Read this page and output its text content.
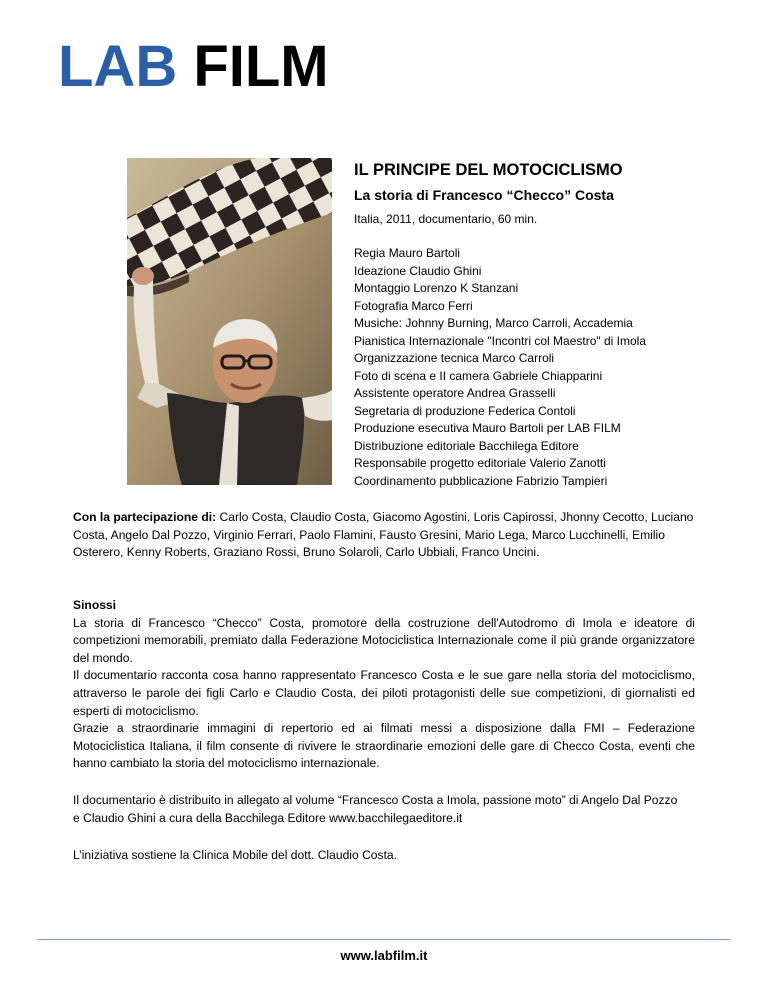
LAB FILM
IL PRINCIPE DEL MOTOCICLISMO
La storia di Francesco “Checco” Costa
Italia, 2011, documentario, 60 min.
Regia Mauro Bartoli
Ideazione Claudio Ghini
Montaggio Lorenzo K Stanzani
Fotografia Marco Ferri
Musiche: Johnny Burning, Marco Carroli, Accademia
Pianistica Internazionale "Incontri col Maestro" di Imola
Organizzazione tecnica Marco Carroli
Foto di scena e II camera Gabriele Chiapparini
Assistente operatore Andrea Grasselli
Segretaria di produzione Federica Contoli
Produzione esecutiva Mauro Bartoli per LAB FILM
Distribuzione editoriale Bacchilega Editore
Responsabile progetto editoriale Valerio Zanotti
Coordinamento pubblicazione Fabrizio Tampieri

Con la partecipazione di: Carlo Costa, Claudio Costa, Giacomo Agostini, Loris Capirossi, Jhonny Cecotto, Luciano Costa, Angelo Dal Pozzo, Virginio Ferrari, Paolo Flamini, Fausto Gresini, Mario Lega, Marco Lucchinelli, Emilio Osterero, Kenny Roberts, Graziano Rossi, Bruno Solaroli, Carlo Ubbiali, Franco Uncini.

Sinossi

La storia di Francesco “Checco” Costa, promotore della costruzione dell'Autodromo di Imola e ideatore di competizioni memorabili, premiato dalla Federazione Motociclistica Internazionale come il più grande organizzatore del mondo.

Il documentario racconta cosa hanno rappresentato Francesco Costa e le sue gare nella storia del motociclismo, attraverso le parole dei figli Carlo e Claudio Costa, dei piloti protagonisti delle sue competizioni, di giornalisti ed esperti di motociclismo.

Grazie a straordinarie immagini di repertorio ed ai filmati messi a disposizione dalla FMI – Federazione Motociclistica Italiana, il film consente di rivivere le straordinarie emozioni delle gare di Checco Costa, eventi che hanno cambiato la storia del motociclismo internazionale.

Il documentario è distribuito in allegato al volume “Francesco Costa a Imola, passione moto” di Angelo Dal Pozzo e Claudio Ghini a cura della Bacchilega Editore www.bacchilegaeditore.it

L’iniziativa sostiene la Clinica Mobile del dott. Claudio Costa.

www.labfilm.it
